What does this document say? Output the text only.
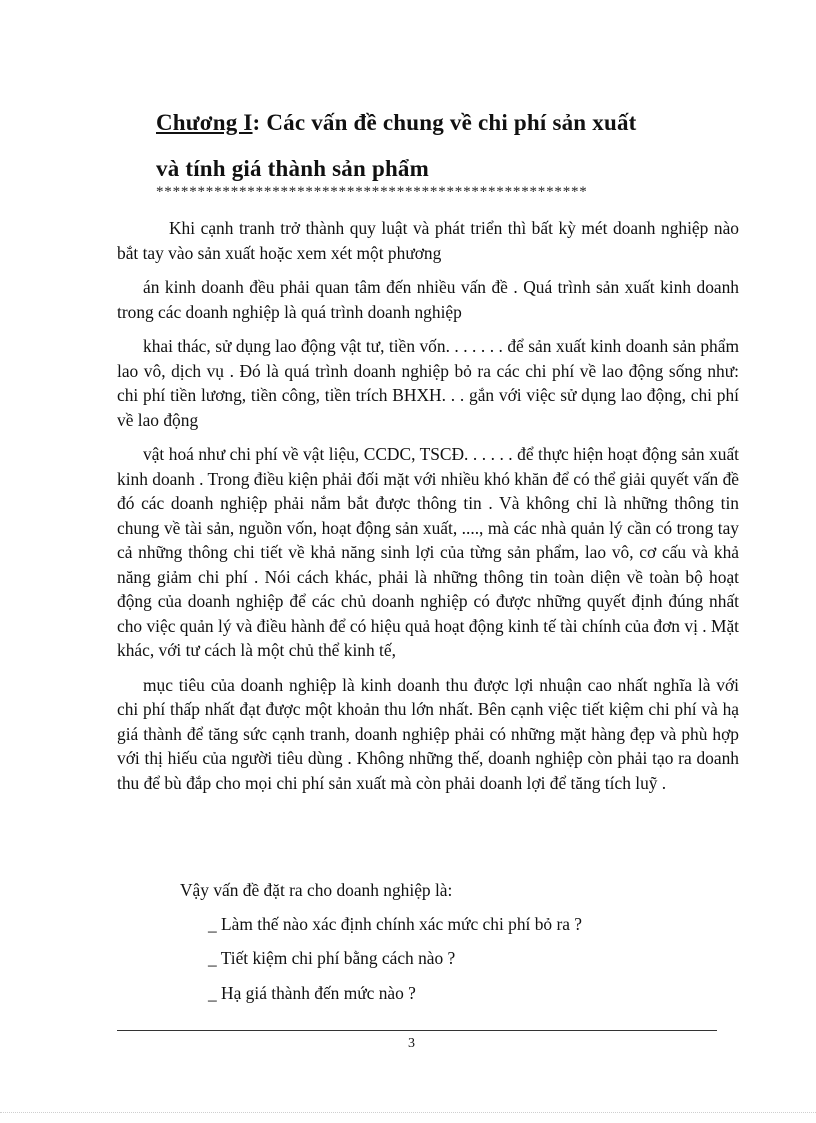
Chương I: Các vấn đề chung về chi phí sản xuất
và tính giá thành sản phẩm
****************************************************

Khi cạnh tranh trở thành quy luật và phát triển thì bất kỳ mét doanh nghiệp nào bắt tay vào sản xuất hoặc xem xét một phương

án kinh doanh đều phải quan tâm đến nhiều vấn đề . Quá trình sản xuất kinh doanh trong các doanh nghiệp là quá trình doanh nghiệp

khai thác, sử dụng lao động vật tư, tiền vốn. . . . . . . để sản xuất kinh doanh sản phẩm lao vô, dịch vụ . Đó là quá trình doanh nghiệp bỏ ra các chi phí về lao động sống như: chi phí tiền lương, tiền công, tiền trích BHXH. . . gắn với việc sử dụng lao động, chi phí về lao động

vật hoá như chi phí về vật liệu, CCDC, TSCĐ. . . . . . để thực hiện hoạt động sản xuất kinh doanh . Trong điều kiện phải đối mặt với nhiều khó khăn để có thể giải quyết vấn đề đó các doanh nghiệp phải nắm bắt được thông tin . Và không chỉ là những thông tin chung về tài sản, nguồn vốn, hoạt động sản xuất, ...., mà các nhà quản lý cần có trong tay cả những thông chi tiết về khả năng sinh lợi của từng sản phẩm, lao vô, cơ cấu và khả năng giảm chi phí . Nói cách khác, phải là những thông tin toàn diện về toàn bộ hoạt động của doanh nghiệp để các chủ doanh nghiệp có được những quyết định đúng nhất cho việc quản lý và điều hành để có hiệu quả hoạt động kinh tế tài chính của đơn vị . Mặt khác, với tư cách là một chủ thể kinh tế,

mục tiêu của doanh nghiệp là kinh doanh thu được lợi nhuận cao nhất nghĩa là với chi phí thấp nhất đạt được một khoản thu lớn nhất. Bên cạnh việc tiết kiệm chi phí và hạ giá thành để tăng sức cạnh tranh, doanh nghiệp phải có những mặt hàng đẹp và phù hợp với thị hiếu của người tiêu dùng . Không những thế, doanh nghiệp còn phải tạo ra doanh thu để bù đắp cho mọi chi phí sản xuất mà còn phải doanh lợi để tăng tích luỹ .

Vậy vấn đề đặt ra cho doanh nghiệp là:
_ Làm thế nào xác định chính xác mức chi phí bỏ ra ?
_ Tiết kiệm chi phí bằng cách nào ?
_ Hạ giá thành đến mức nào ?
3
